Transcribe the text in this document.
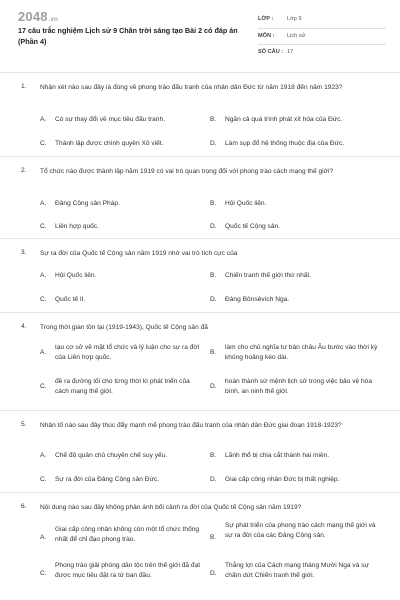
2048.vn
17 câu trắc nghiệm Lịch sử 9 Chân trời sáng tạo Bài 2 có đáp án (Phần 4)
LỚP : Lớp 9
MÔN : Lịch sử
SỐ CÂU : 17
1. Nhận xét nào sau đây là đúng về phong trào đấu tranh của nhân dân Đức từ năm 1918 đến năm 1923?
A. Có sự thay đổi về mục tiêu đấu tranh.	B. Ngăn cả quá trình phát xít hóa của Đức.
C. Thành lập được chính quyền Xô viết.	D. Làm sụp đổ hệ thống thuộc địa của Đức.
2. Tổ chức nào được thành lập năm 1919 có vai trò quan trọng đối với phong trào cách mạng thế giới?
A. Đảng Cộng sản Pháp.	B. Hội Quốc liên.
C. Liên hợp quốc.	D. Quốc tế Cộng sản.
3. Sự ra đời của Quốc tế Cộng sản năm 1919 nhờ vai trò tích cực của
A. Hội Quốc liên.	B. Chiến tranh thế giới thứ nhất.
C. Quốc tế II.	D. Đảng Bônsêvích Nga.
4. Trong thời gian tồn tại (1919-1943), Quốc tế Cộng sản đã
A.
tạo cơ sở về mặt tổ chức và lý luận cho sự ra đời của Liên hợp quốc.
B.
làm cho chủ nghĩa tư bản châu Âu bước vào thời kỳ khủng hoảng kéo dài.
C.
đề ra đường lối cho từng thời kì phát triển của cách mạng thế giới.
D.
hoàn thành sứ mệnh lịch sử trong việc bảo vệ hòa bình, an ninh thế giới.
5. Nhân tố nào sau đây thúc đẩy mạnh mẽ phong trào đấu tranh của nhân dân Đức giai đoạn 1918-1923?
A. Chế độ quân chủ chuyên chế suy yếu.	B. Lãnh thổ bị chia cắt thành hai miền.
C. Sự ra đời của Đảng Cộng sản Đức.	D. Giai cấp công nhân Đức bị thất nghiệp.
6. Nội dung nào sau đây không phản ánh bối cảnh ra đời của Quốc tế Cộng sản năm 1919?
A.
Giai cấp công nhân không còn một tổ chức thống nhất để chỉ đạo phong trào.	B.
Sự phát triển của phong trào cách mạng thế giới và sự ra đời của các Đảng Cộng sản.
C.
Phong trào giải phóng dân tộc trên thế giới đã đạt được mục tiêu đặt ra từ ban đầu.	D.
Thắng lợi của Cách mạng tháng Mười Nga và sự chấm dứt Chiến tranh thế giới.
